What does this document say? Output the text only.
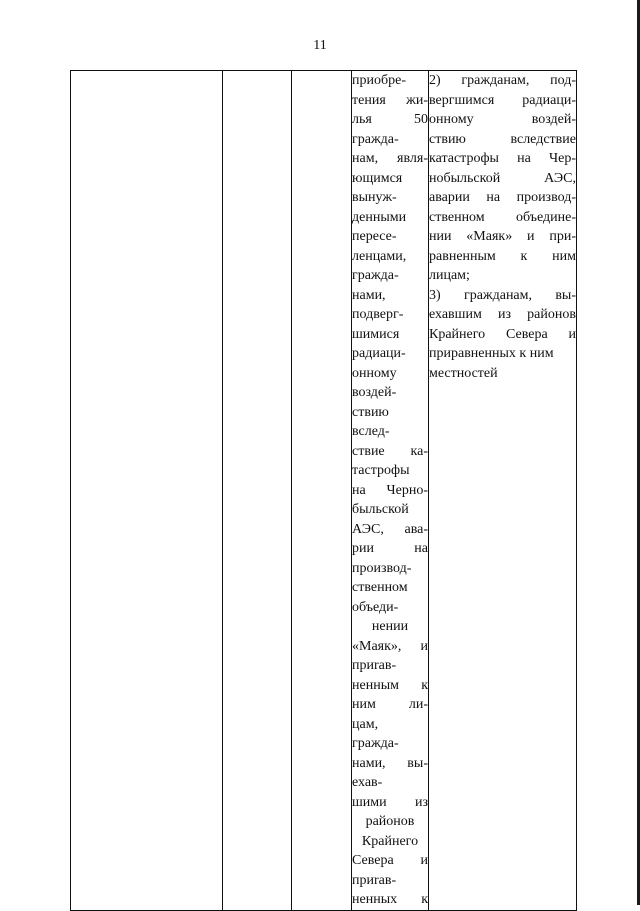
11

приобре-
тения жи-
лья 50
гражда-
нам, явля-
ющимся
вынуж-
денными
пересе-
ленцами,
гражда-
нами,
подверг-
шимися
радиаци-
онному
воздей-
ствию
вслед-
ствие ка-
тастрофы
на Черно-
быльской
АЭС, ава-
рии на
производ-
ственном
объеди-
нении
«Маяк», и
приrав-
ненным к
ним ли-
цам,
гражда-
нами, вы-
ехав-
шими из
районов
Крайнего
Севера и
приrав-
ненных к

2) гражданам, под-
вергшимся радиаци-
онному воздей-
ствию вследствие
катастрофы на Чер-
нобыльской АЭС,
аварии на производ-
ственном объедине-
нии «Маяк» и при-
равненным к ним
лицам;
3) гражданам, вы-
ехавшим из районов
Крайнего Севера и
приравненных к ним
местностей
